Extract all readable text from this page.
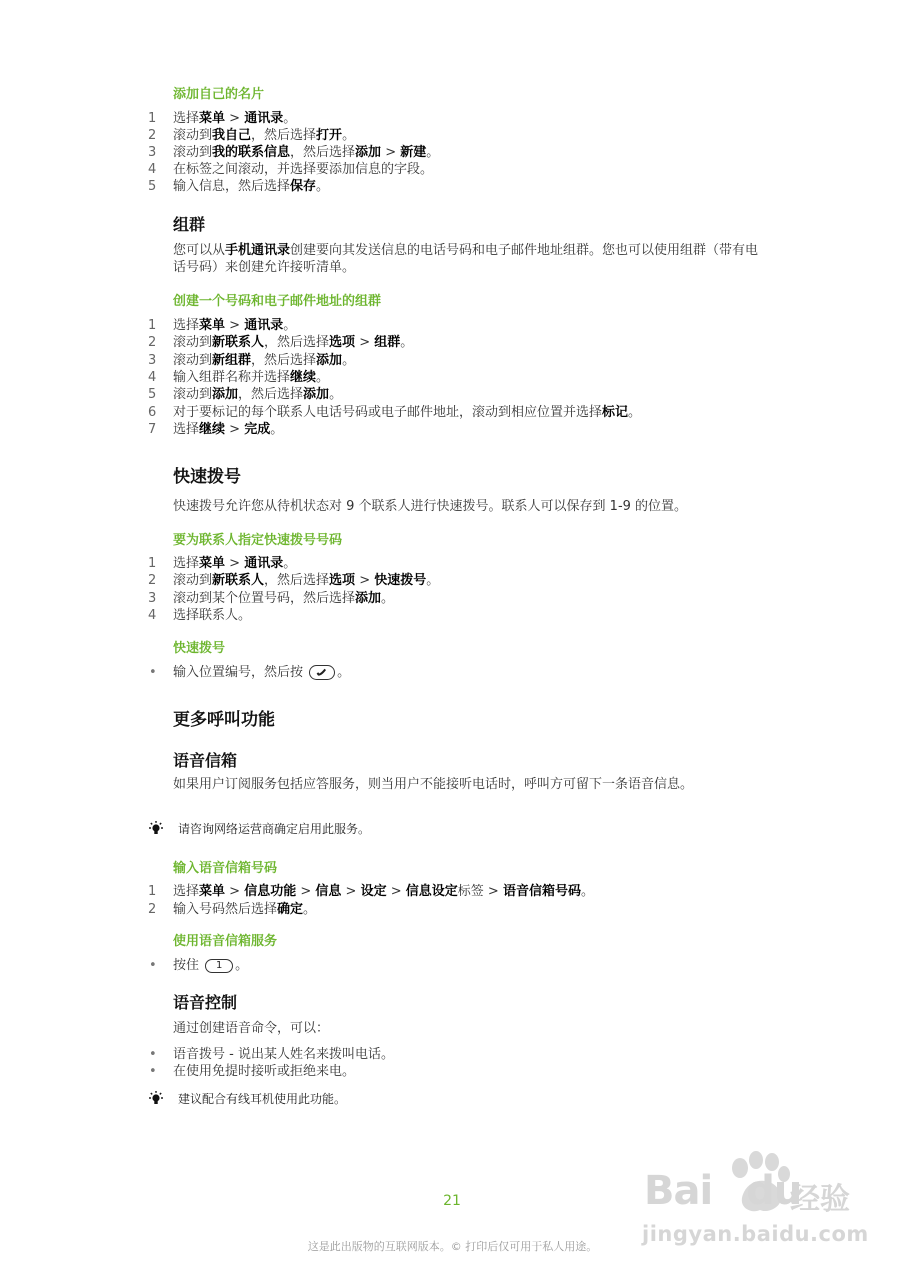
添加自己的名片
组群
您可以从手机通讯录创建要向其发送信息的电话号码和电子邮件地址组群。您也可以使用组群（带有电话号码）来创建允许接听清单。
创建一个号码和电子邮件地址的组群
快速拨号
快速拨号允许您从待机状态对 9 个联系人进行快速拨号。联系人可以保存到 1-9 的位置。
要为联系人指定快速拨号号码
快速拨号
• 输入位置编号，然后按	。
更多呼叫功能
语音信箱
如果用户订阅服务包括应答服务，则当用户不能接听电话时，呼叫方可留下一条语音信息。
请咨询网络运营商确定启用此服务。
输入语音信箱号码
使用语音信箱服务
• 按住	1 。
语音控制
通过创建语音命令，可以：
• 语音拨号 - 说出某人姓名来拨叫电话。
• 在使用免提时接听或拒绝来电。
建议配合有线耳机使用此功能。
21
这是此出版物的互联网版本。© 打印后仅可用于私人用途。
Bai du
经验
jingyan.baidu.com
1	选择菜单 > 通讯录。
2	滚动到我自己，然后选择打开。
3	滚动到我的联系信息，然后选择添加 > 新建。
4	在标签之间滚动，并选择要添加信息的字段。
5	输入信息，然后选择保存。
1	选择菜单 > 通讯录。
2	滚动到新联系人，然后选择选项 > 组群。
3	滚动到新组群，然后选择添加。
4	输入组群名称并选择继续。
5	滚动到添加，然后选择添加。
6	对于要标记的每个联系人电话号码或电子邮件地址，滚动到相应位置并选择标记。
7	选择继续 > 完成。
1	选择菜单 > 通讯录。
2	滚动到新联系人，然后选择选项 > 快速拨号。
3	滚动到某个位置号码，然后选择添加。
4	选择联系人。
1	选择菜单 > 信息功能 > 信息 > 设定 > 信息设定标签 > 语音信箱号码。
2	输入号码然后选择确定。
